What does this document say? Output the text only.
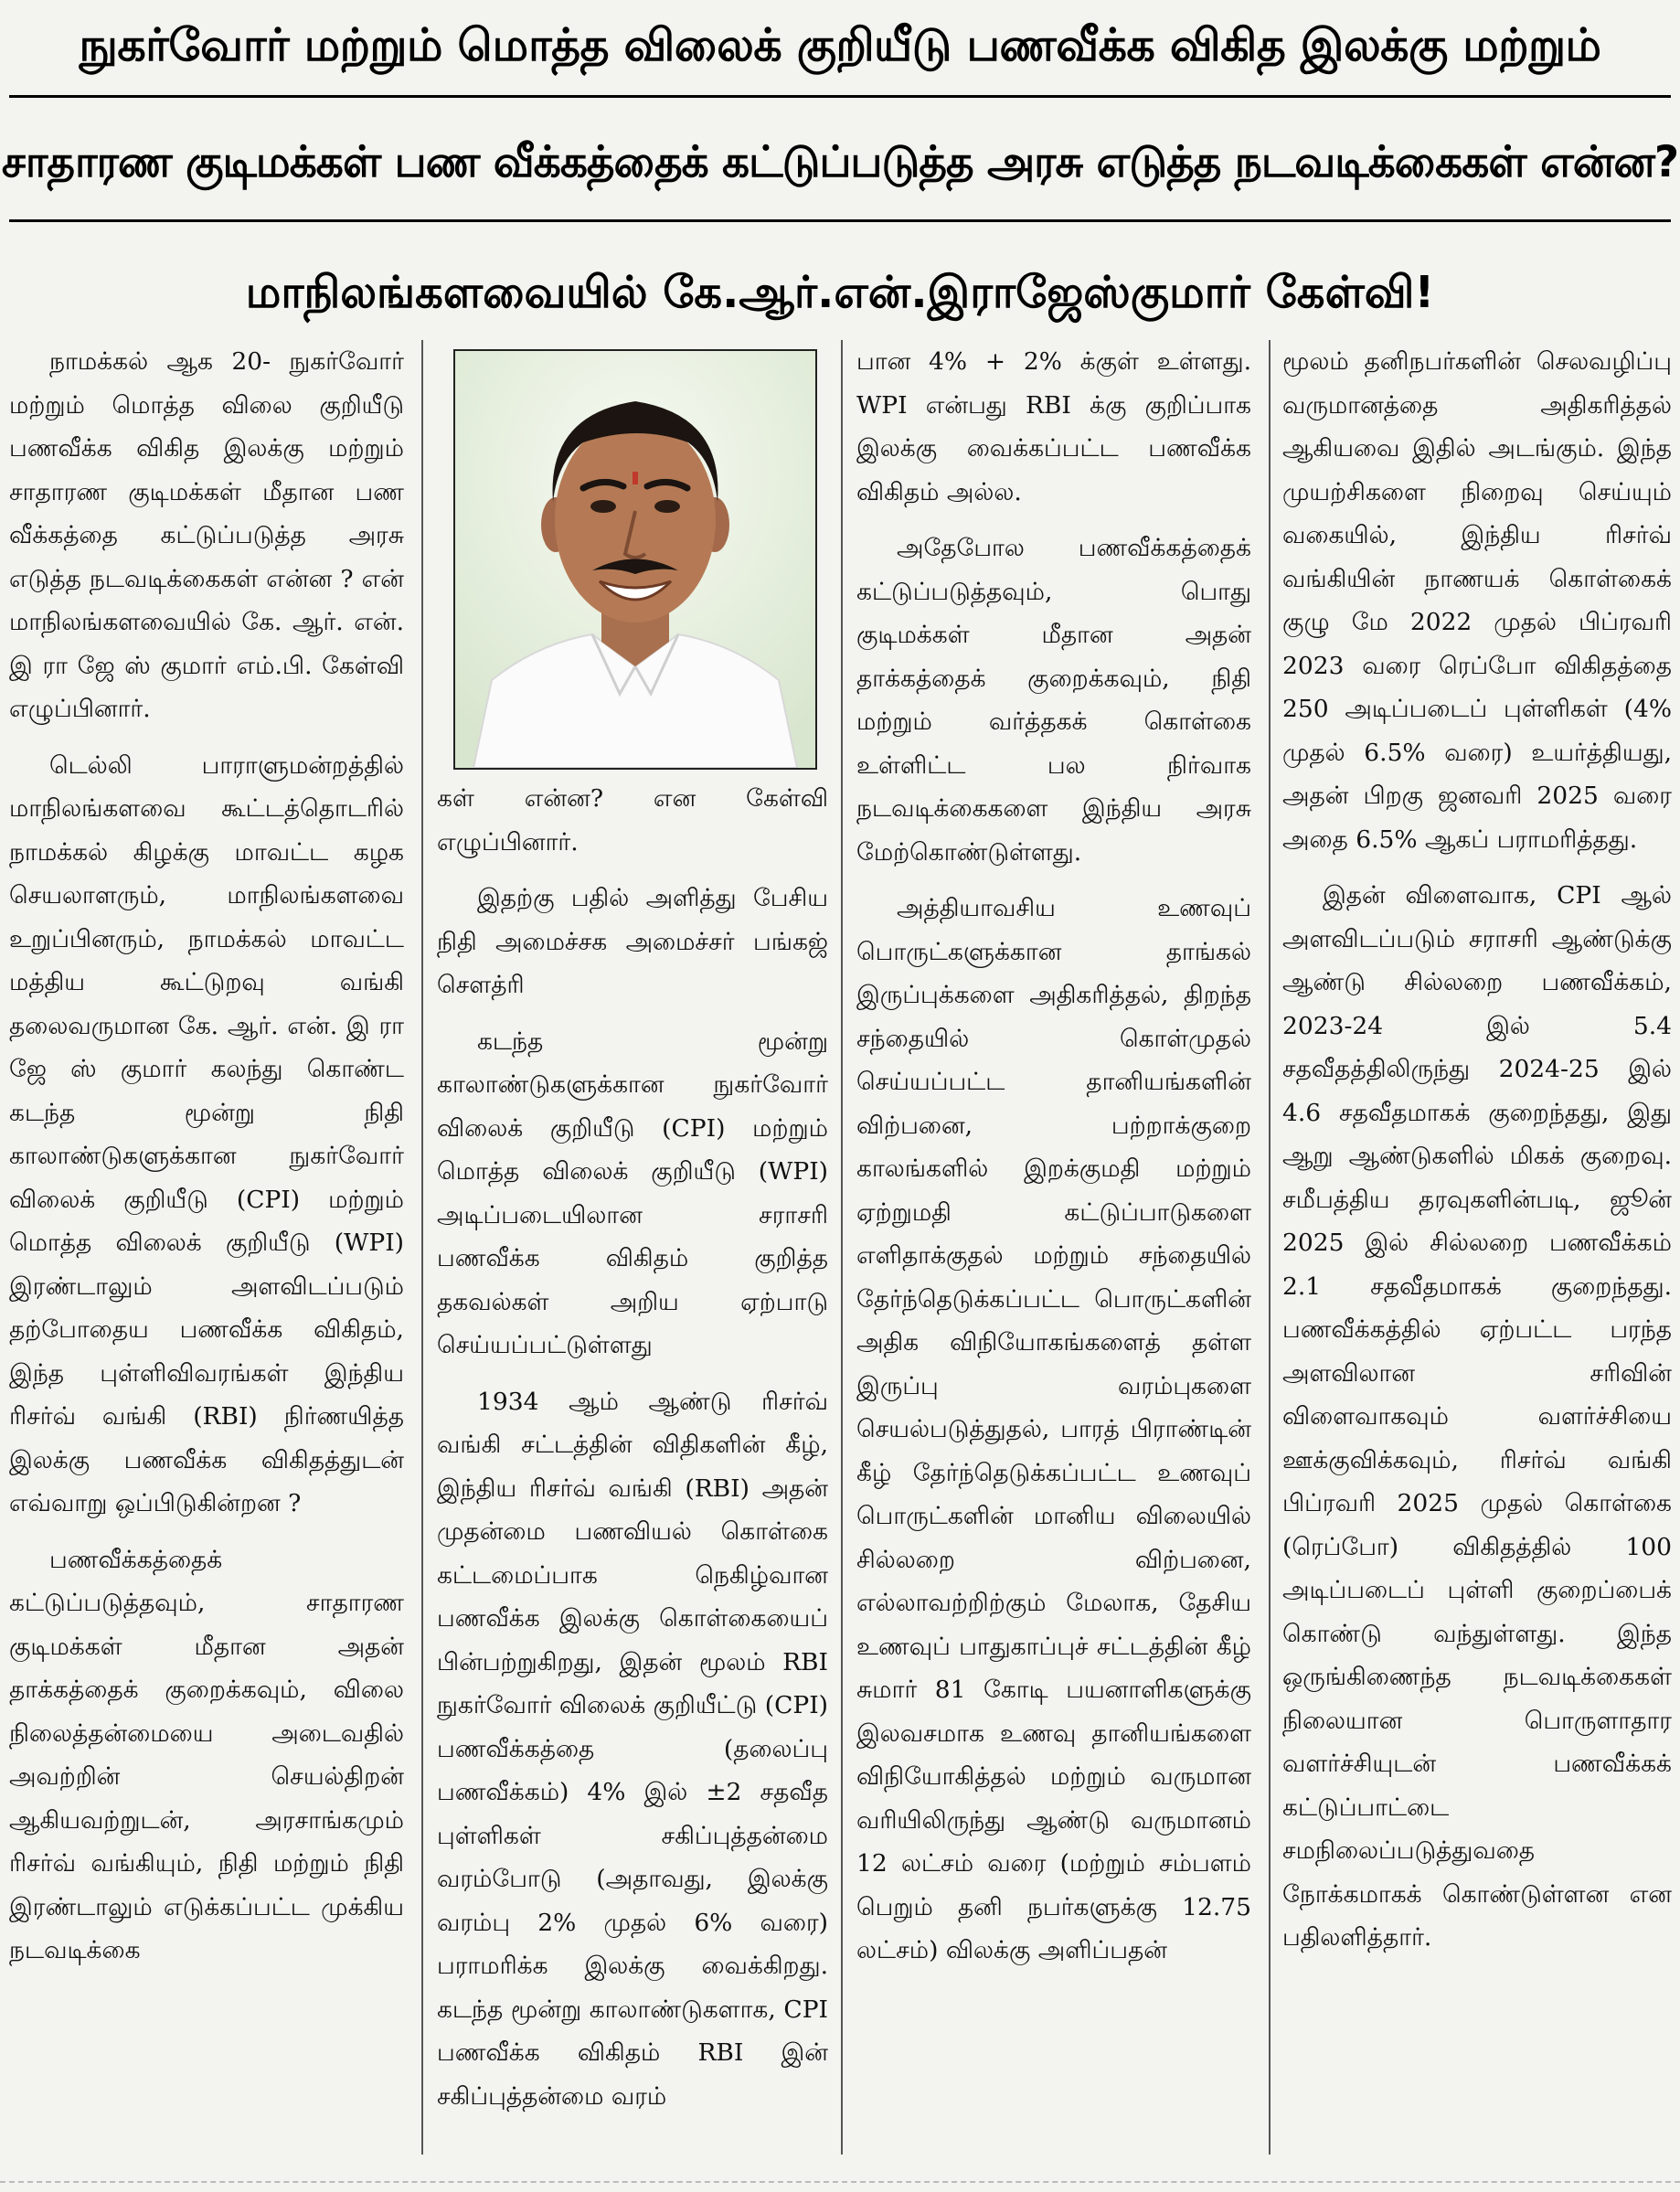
நுகர்வோர் மற்றும் மொத்த விலைக் குறியீடு பணவீக்க விகித இலக்கு மற்றும்
சாதாரண குடிமக்கள் பண வீக்கத்தைக் கட்டுப்படுத்த அரசு எடுத்த நடவடிக்கைகள் என்ன?
மாநிலங்களவையில் கே.ஆர்.என்.இராஜேஸ்குமார் கேள்வி!

நாமக்கல் ஆக 20- நுகர்வோர் மற்றும் மொத்த விலை குறியீடு பணவீக்க விகித இலக்கு மற்றும் சாதாரண குடிமக்கள் மீதான பண வீக்கத்தை கட்டுப்படுத்த அரசு எடுத்த நடவடிக்கைகள் என்ன ? என் மாநிலங்களவையில் கே. ஆர். என். இ ரா ஜே ஸ் குமார் எம்.பி. கேள்வி எழுப்பினார்.

டெல்லி பாராளுமன்றத்தில் மாநிலங்களவை கூட்டத்தொடரில் நாமக்கல் கிழக்கு மாவட்ட கழக செயலாளரும், மாநிலங்களவை உறுப்பினரும், நாமக்கல் மாவட்ட மத்திய கூட்டுறவு வங்கி தலைவருமான கே. ஆர். என். இ ரா ஜே ஸ் குமார் கலந்து கொண்ட கடந்த மூன்று நிதி காலாண்டுகளுக்கான நுகர்வோர் விலைக் குறியீடு (CPI) மற்றும் மொத்த விலைக் குறியீடு (WPI) இரண்டாலும் அளவிடப்படும் தற்போதைய பணவீக்க விகிதம், இந்த புள்ளிவிவரங்கள் இந்திய ரிசர்வ் வங்கி (RBI) நிர்ணயித்த இலக்கு பணவீக்க விகிதத்துடன் எவ்வாறு ஒப்பிடுகின்றன ?

பணவீக்கத்தைக் கட்டுப்படுத்தவும், சாதாரண குடிமக்கள் மீதான அதன் தாக்கத்தைக் குறைக்கவும், விலை நிலைத்தன்மையை அடைவதில் அவற்றின் செயல்திறன் ஆகியவற்றுடன், அரசாங்கமும் ரிசர்வ் வங்கியும், நிதி மற்றும் நிதி இரண்டாலும் எடுக்கப்பட்ட முக்கிய நடவடிக்கை

கள் என்ன? என கேள்வி எழுப்பினார்.

இதற்கு பதில் அளித்து பேசிய நிதி அமைச்சக அமைச்சர் பங்கஜ் சௌத்ரி

கடந்த மூன்று காலாண்டுகளுக்கான நுகர்வோர் விலைக் குறியீடு (CPI) மற்றும் மொத்த விலைக் குறியீடு (WPI) அடிப்படையிலான சராசரி பணவீக்க விகிதம் குறித்த தகவல்கள் அறிய ஏற்பாடு செய்யப்பட்டுள்ளது

1934 ஆம் ஆண்டு ரிசர்வ் வங்கி சட்டத்தின் விதிகளின் கீழ், இந்திய ரிசர்வ் வங்கி (RBI) அதன் முதன்மை பணவியல் கொள்கை கட்டமைப்பாக நெகிழ்வான பணவீக்க இலக்கு கொள்கையைப் பின்பற்றுகிறது, இதன் மூலம் RBI நுகர்வோர் விலைக் குறியீட்டு (CPI) பணவீக்கத்தை (தலைப்பு பணவீக்கம்) 4% இல் ±2 சதவீத புள்ளிகள் சகிப்புத்தன்மை வரம்போடு (அதாவது, இலக்கு வரம்பு 2% முதல் 6% வரை) பராமரிக்க இலக்கு வைக்கிறது. கடந்த மூன்று காலாண்டுகளாக, CPI பணவீக்க விகிதம் RBI இன் சகிப்புத்தன்மை வரம்

பான 4% + 2% க்குள் உள்ளது. WPI என்பது RBI க்கு குறிப்பாக இலக்கு வைக்கப்பட்ட பணவீக்க விகிதம் அல்ல.

அதேபோல பணவீக்கத்தைக் கட்டுப்படுத்தவும், பொது குடிமக்கள் மீதான அதன் தாக்கத்தைக் குறைக்கவும், நிதி மற்றும் வர்த்தகக் கொள்கை உள்ளிட்ட பல நிர்வாக நடவடிக்கைகளை இந்திய அரசு மேற்கொண்டுள்ளது.

அத்தியாவசிய உணவுப் பொருட்களுக்கான தாங்கல் இருப்புக்களை அதிகரித்தல், திறந்த சந்தையில் கொள்முதல் செய்யப்பட்ட தானியங்களின் விற்பனை, பற்றாக்குறை காலங்களில் இறக்குமதி மற்றும் ஏற்றுமதி கட்டுப்பாடுகளை எளிதாக்குதல் மற்றும் சந்தையில் தேர்ந்தெடுக்கப்பட்ட பொருட்களின் அதிக விநியோகங்களைத் தள்ள இருப்பு வரம்புகளை செயல்படுத்துதல், பாரத் பிராண்டின் கீழ் தேர்ந்தெடுக்கப்பட்ட உணவுப் பொருட்களின் மானிய விலையில் சில்லறை விற்பனை, எல்லாவற்றிற்கும் மேலாக, தேசிய உணவுப் பாதுகாப்புச் சட்டத்தின் கீழ் சுமார் 81 கோடி பயனாளிகளுக்கு இலவசமாக உணவு தானியங்களை விநியோகித்தல் மற்றும் வருமான வரியிலிருந்து ஆண்டு வருமானம் 12 லட்சம் வரை (மற்றும் சம்பளம் பெறும் தனி நபர்களுக்கு 12.75 லட்சம்) விலக்கு அளிப்பதன்

மூலம் தனிநபர்களின் செலவழிப்பு வருமானத்தை அதிகரித்தல் ஆகியவை இதில் அடங்கும். இந்த முயற்சிகளை நிறைவு செய்யும் வகையில், இந்திய ரிசர்வ் வங்கியின் நாணயக் கொள்கைக் குழு மே 2022 முதல் பிப்ரவரி 2023 வரை ரெப்போ விகிதத்தை 250 அடிப்படைப் புள்ளிகள் (4% முதல் 6.5% வரை) உயர்த்தியது, அதன் பிறகு ஜனவரி 2025 வரை அதை 6.5% ஆகப் பராமரித்தது.

இதன் விளைவாக, CPI ஆல் அளவிடப்படும் சராசரி ஆண்டுக்கு ஆண்டு சில்லறை பணவீக்கம், 2023-24 இல் 5.4 சதவீதத்திலிருந்து 2024-25 இல் 4.6 சதவீதமாகக் குறைந்தது, இது ஆறு ஆண்டுகளில் மிகக் குறைவு. சமீபத்திய தரவுகளின்படி, ஜூன் 2025 இல் சில்லறை பணவீக்கம் 2.1 சதவீதமாகக் குறைந்தது. பணவீக்கத்தில் ஏற்பட்ட பரந்த அளவிலான சரிவின் விளைவாகவும் வளர்ச்சியை ஊக்குவிக்கவும், ரிசர்வ் வங்கி பிப்ரவரி 2025 முதல் கொள்கை (ரெப்போ) விகிதத்தில் 100 அடிப்படைப் புள்ளி குறைப்பைக் கொண்டு வந்துள்ளது. இந்த ஒருங்கிணைந்த நடவடிக்கைகள் நிலையான பொருளாதார வளர்ச்சியுடன் பணவீக்கக் கட்டுப்பாட்டை சமநிலைப்படுத்துவதை நோக்கமாகக் கொண்டுள்ளன என பதிலளித்தார்.
